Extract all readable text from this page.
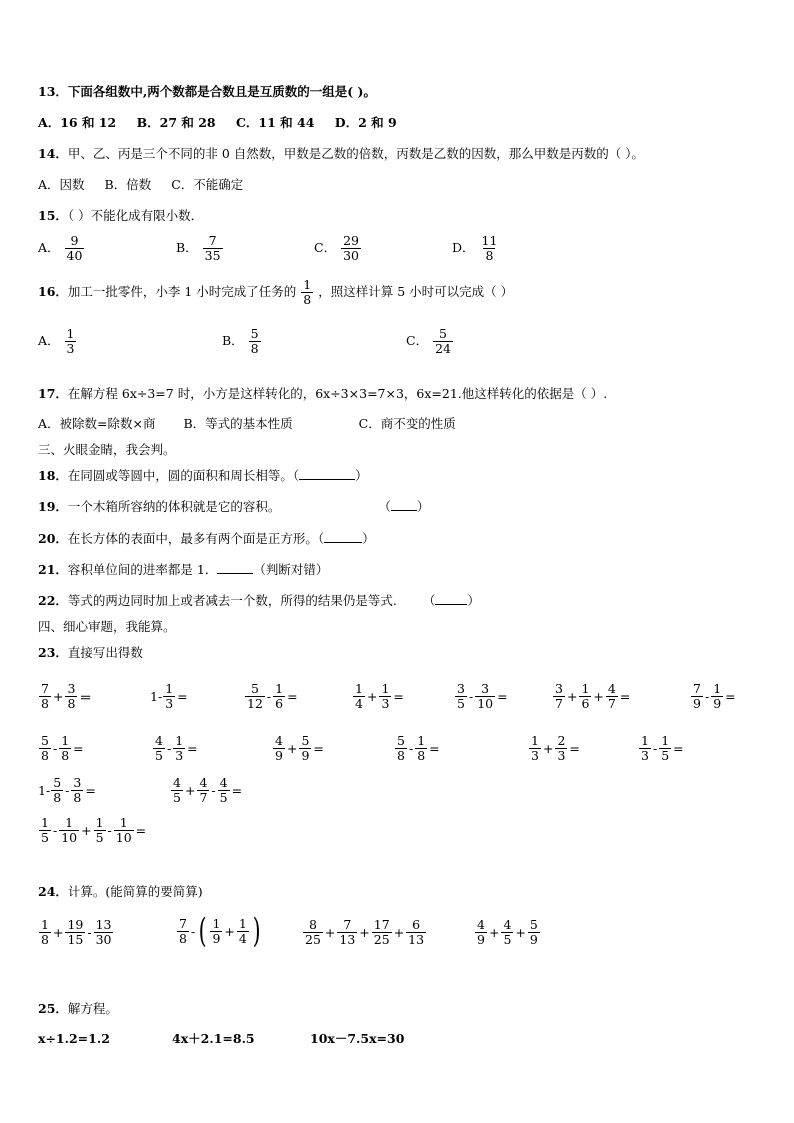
13．下面各组数中,两个数都是合数且是互质数的一组是( )。
A．16 和 12 B．27 和 28 C．11 和 44 D．2 和 9
14．甲、乙、丙是三个不同的非 0 自然数，甲数是乙数的倍数，丙数是乙数的因数，那么甲数是丙数的（ ）。
A．因数 B．倍数 C．不能确定
15．（ ）不能化成有限小数．
A． $\frac{9}{40}$	B． $\frac{7}{35}$	C． $\frac{29}{30}$	D． $\frac{11}{8}$
16．加工一批零件，小李 1 小时完成了任务的 $\frac{1}{8}$ ，照这样计算 5 小时可以完成（ ）
A． $\frac{1}{3}$	B． $\frac{5}{8}$	C． $\frac{5}{24}$
17．在解方程 6x÷3=7 时，小方是这样转化的，6x÷3×3=7×3，6x=21.他这样转化的依据是（ ）.
A．被除数=除数×商 B．等式的基本性质	C．商不变的性质
三、火眼金睛，我会判。
18．在同圆或等圆中，圆的面积和周长相等。（	）
19．一个木箱所容纳的体积就是它的容积。	（ ）
20．在长方体的表面中，最多有两个面是正方形。（	）
21．容积单位间的进率都是 1．	（判断对错）
22．等式的两边同时加上或者减去一个数，所得的结果仍是等式. （	）
四、细心审题，我能算。
23．直接写出得数
$\frac{7}{8} + \frac{3}{8}$ ＝	$1 - \frac{1}{3}$ =	$\frac{5}{12} - \frac{1}{6}$ =	$\frac{1}{4} + \frac{1}{3}$ =	$\frac{3}{5} - \frac{3}{10}$ =	$\frac{3}{7} + \frac{1}{6} + \frac{4}{7}$ =	$\frac{7}{9} - \frac{1}{9}$ =
$\frac{5}{8} - \frac{1}{8}$ =	$\frac{4}{5} - \frac{1}{3}$ =	$\frac{4}{9} + \frac{5}{9}$ =	$\frac{5}{8} - \frac{1}{8}$ =	$\frac{1}{3} + \frac{2}{3}$ =	$\frac{1}{3} - \frac{1}{5}$ =
$1 - \frac{5}{8} - \frac{3}{8}$ =	$\frac{4}{5} + \frac{4}{7} - \frac{4}{5}$ =
$\frac{1}{5} - \frac{1}{10} + \frac{1}{5} - \frac{1}{10}$ =
24．计算。(能简算的要简算)
$\frac{1}{8} + \frac{19}{15} - \frac{13}{30}$	$\frac{7}{8}$ - ( $\frac{1}{9} + \frac{1}{4}$ )	$\frac{8}{25} + \frac{7}{13} + \frac{17}{25} + \frac{6}{13}$	$\frac{4}{9} + \frac{4}{5} + \frac{5}{9}$
25．解方程。
x÷1.2=1.2	4x＋2.1=8.5	10x－7.5x=30
